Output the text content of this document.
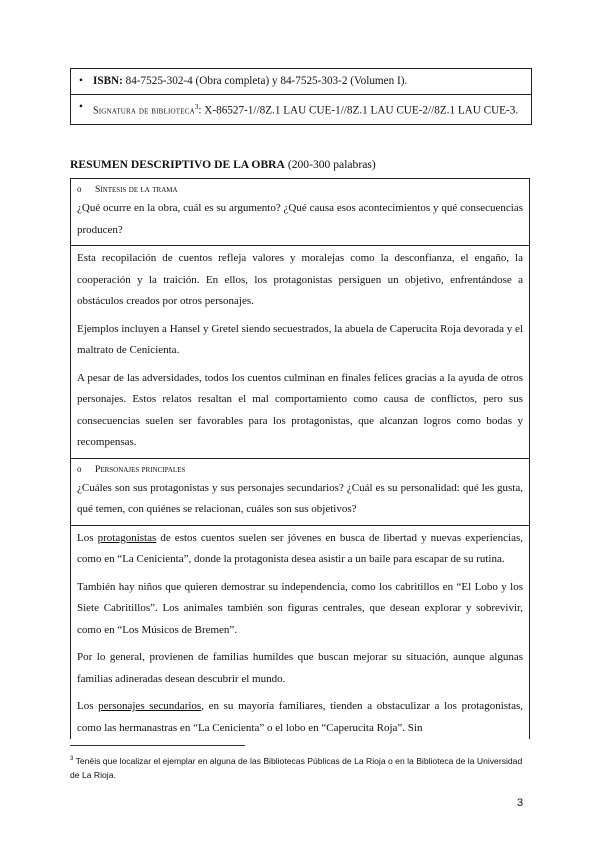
• ISBN: 84-7525-302-4 (Obra completa) y 84-7525-303-2 (Volumen I).
• Signatura de biblioteca$^3$: X-86527-1//8Z.1 LAU CUE-1//8Z.1 LAU CUE-2//8Z.1 LAU CUE-3.
RESUMEN DESCRIPTIVO DE LA OBRA (200-300 palabras)
o Síntesis de la trama

¿Qué ocurre en la obra, cuál es su argumento? ¿Qué causa esos acontecimientos y qué consecuencias producen?

Esta recopilación de cuentos refleja valores y moralejas como la desconfianza, el engaño, la cooperación y la traición. En ellos, los protagonistas persiguen un objetivo, enfrentándose a obstáculos creados por otros personajes.

Ejemplos incluyen a Hansel y Gretel siendo secuestrados, la abuela de Caperucita Roja devorada y el maltrato de Cenicienta.

A pesar de las adversidades, todos los cuentos culminan en finales felices gracias a la ayuda de otros personajes. Estos relatos resaltan el mal comportamiento como causa de conflictos, pero sus consecuencias suelen ser favorables para los protagonistas, que alcanzan logros como bodas y recompensas.

o Personajes principales

¿Cuáles son sus protagonistas y sus personajes secundarios? ¿Cuál es su personalidad: qué les gusta, qué temen, con quiénes se relacionan, cuáles son sus objetivos?

Los protagonistas de estos cuentos suelen ser jóvenes en busca de libertad y nuevas experiencias, como en “La Cenicienta”, donde la protagonista desea asistir a un baile para escapar de su rutina.

También hay niños que quieren demostrar su independencia, como los cabritillos en “El Lobo y los Siete Cabritillos”. Los animales también son figuras centrales, que desean explorar y sobrevivir, como en “Los Músicos de Bremen”.

Por lo general, provienen de familias humildes que buscan mejorar su situación, aunque algunas familias adineradas desean descubrir el mundo.

Los personajes secundarios, en su mayoría familiares, tienden a obstaculizar a los protagonistas, como las hermanastras en “La Cenicienta” o el lobo en “Caperucita Roja”. Sin

$^3$ Tenéis que localizar el ejemplar en alguna de las Bibliotecas Públicas de La Rioja o en la Biblioteca de la Universidad de La Rioja.
3
